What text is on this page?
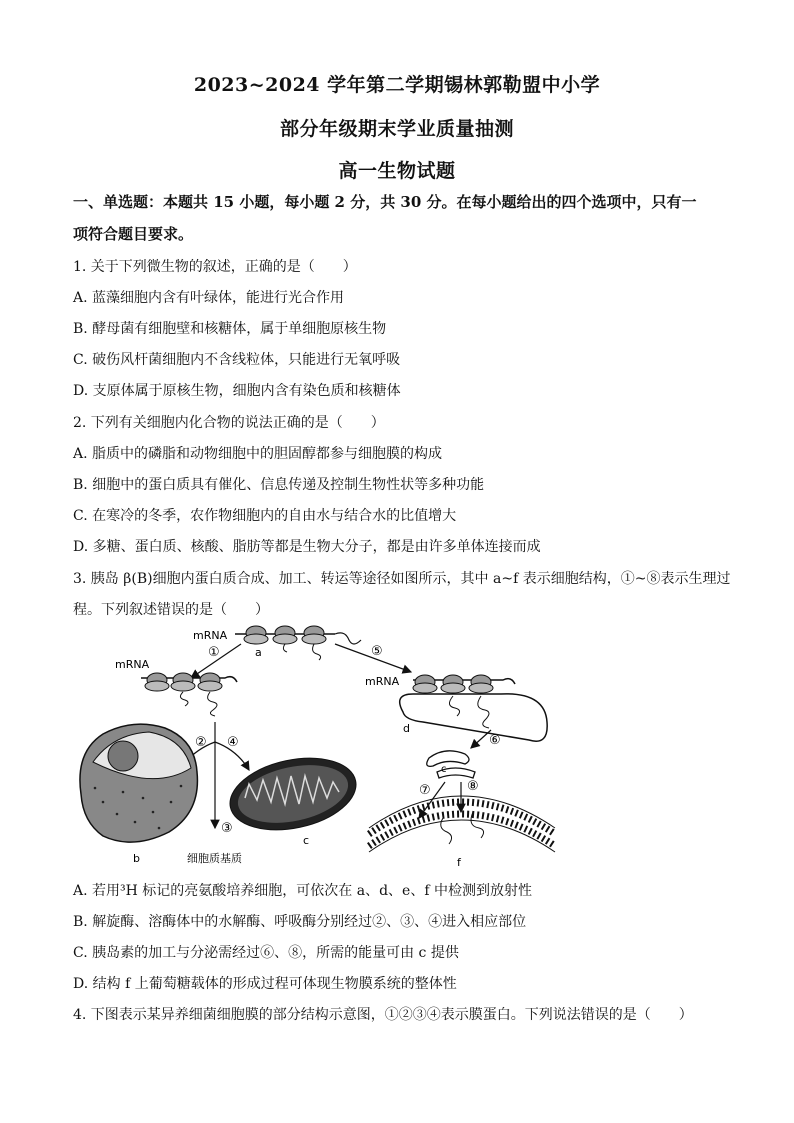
2023~2024 学年第二学期锡林郭勒盟中小学
部分年级期末学业质量抽测
高一生物试题
一、单选题：本题共 15 小题，每小题 2 分，共 30 分。在每小题给出的四个选项中，只有一
项符合题目要求。
1. 关于下列微生物的叙述，正确的是（　　）
A. 蓝藻细胞内含有叶绿体，能进行光合作用
B. 酵母菌有细胞壁和核糖体，属于单细胞原核生物
C. 破伤风杆菌细胞内不含线粒体，只能进行无氧呼吸
D. 支原体属于原核生物，细胞内含有染色质和核糖体
2. 下列有关细胞内化合物的说法正确的是（　　）
A. 脂质中的磷脂和动物细胞中的胆固醇都参与细胞膜的构成
B. 细胞中的蛋白质具有催化、信息传递及控制生物性状等多种功能
C. 在寒冷的冬季，农作物细胞内的自由水与结合水的比值增大
D. 多糖、蛋白质、核酸、脂肪等都是生物大分子，都是由许多单体连接而成
3. 胰岛 β(B)细胞内蛋白质合成、加工、转运等途径如图所示，其中 a~f 表示细胞结构，①~⑧表示生理过
程。下列叙述错误的是（　　）
mRNA
a
①	⑤
mRNA
② ④
③
细胞质基质
b
c
mRNA
d
⑥
c
⑦	⑧
f
A. 若用³H 标记的亮氨酸培养细胞，可依次在 a、d、e、f 中检测到放射性
B. 解旋酶、溶酶体中的水解酶、呼吸酶分别经过②、③、④进入相应部位
C. 胰岛素的加工与分泌需经过⑥、⑧，所需的能量可由 c 提供
D. 结构 f 上葡萄糖载体的形成过程可体现生物膜系统的整体性
4. 下图表示某异养细菌细胞膜的部分结构示意图，①②③④表示膜蛋白。下列说法错误的是（　　）
